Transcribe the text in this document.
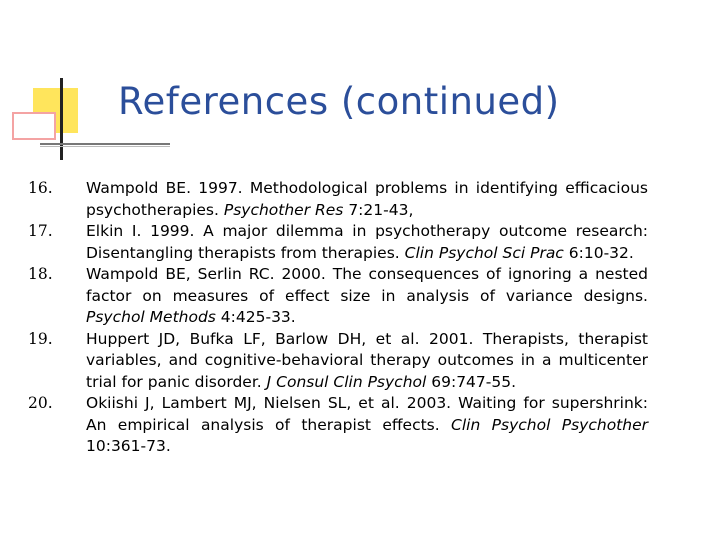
References (continued)
16.	Wampold BE. 1997. Methodological problems in identifying efficacious psychotherapies. Psychother Res 7:21-43,
17.	Elkin I. 1999. A major dilemma in psychotherapy outcome research: Disentangling therapists from therapies. Clin Psychol Sci Prac 6:10-32.
18.	Wampold BE, Serlin RC. 2000. The consequences of ignoring a nested factor on measures of effect size in analysis of variance designs. Psychol Methods 4:425-33.
19.	Huppert JD, Bufka LF, Barlow DH, et al. 2001. Therapists, therapist variables, and cognitive-behavioral therapy outcomes in a multicenter trial for panic disorder. J Consul Clin Psychol 69:747-55.
20.	Okiishi J, Lambert MJ, Nielsen SL, et al. 2003. Waiting for supershrink: An empirical analysis of therapist effects. Clin Psychol Psychother 10:361-73.
